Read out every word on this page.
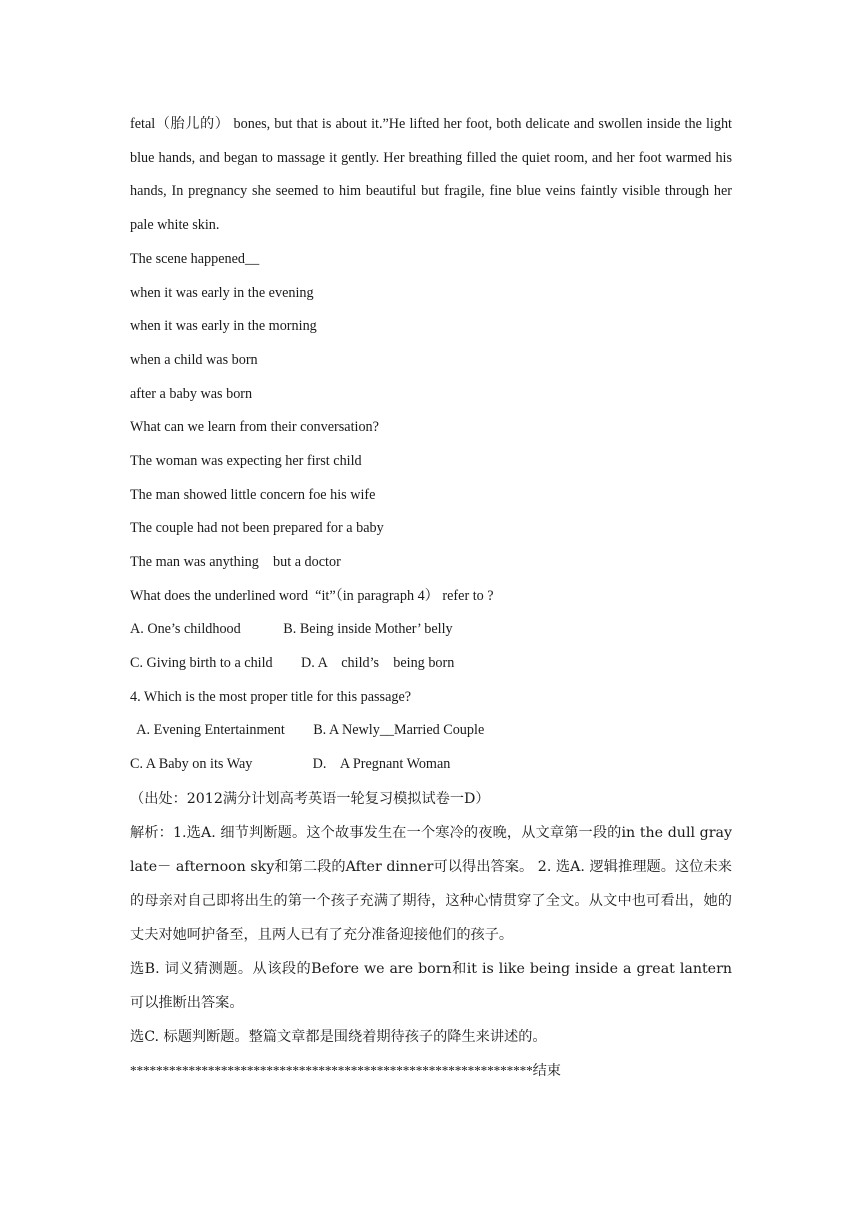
fetal（胎儿的） bones, but that is about it.”He lifted her foot, both delicate and swollen inside the light blue hands, and began to massage it gently. Her breathing filled the quiet room, and her foot warmed his hands, In pregnancy she seemed to him beautiful but fragile, fine blue veins faintly visible through her pale white skin.

The scene happened__

when it was early in the evening

when it was early in the morning

when a child was born

after a baby was born

What can we learn from their conversation?

The woman was expecting her first child

The man showed little concern foe his wife

The couple had not been prepared for a baby

The man was anything    but a doctor

What does the underlined word  “it”（in paragraph 4） refer to ?

A. One’s childhood            B. Being inside Mother’ belly

C. Giving birth to a child        D. A    child’s    being born

4. Which is the most proper title for this passage?

A. Evening Entertainment        B. A Newly__Married Couple

C. A Baby on its Way                 D.    A Pregnant Woman

（出处：2012满分计划高考英语一轮复习模拟试卷一D）

解析：1.选A. 细节判断题。这个故事发生在一个寒冷的夜晚，从文章第一段的in the dull gray late－ afternoon sky和第二段的After dinner可以得出答案。 2. 选A. 逻辑推理题。这位未来的母亲对自己即将出生的第一个孩子充满了期待，这种心情贯穿了全文。从文中也可看出，她的丈夫对她呵护备至，且两人已有了充分准备迎接他们的孩子。

选B. 词义猜测题。从该段的Before we are born和it is like being inside a great lantern可以推断出答案。

选C. 标题判断题。整篇文章都是围绕着期待孩子的降生来讲述的。

**************************************************************结束
